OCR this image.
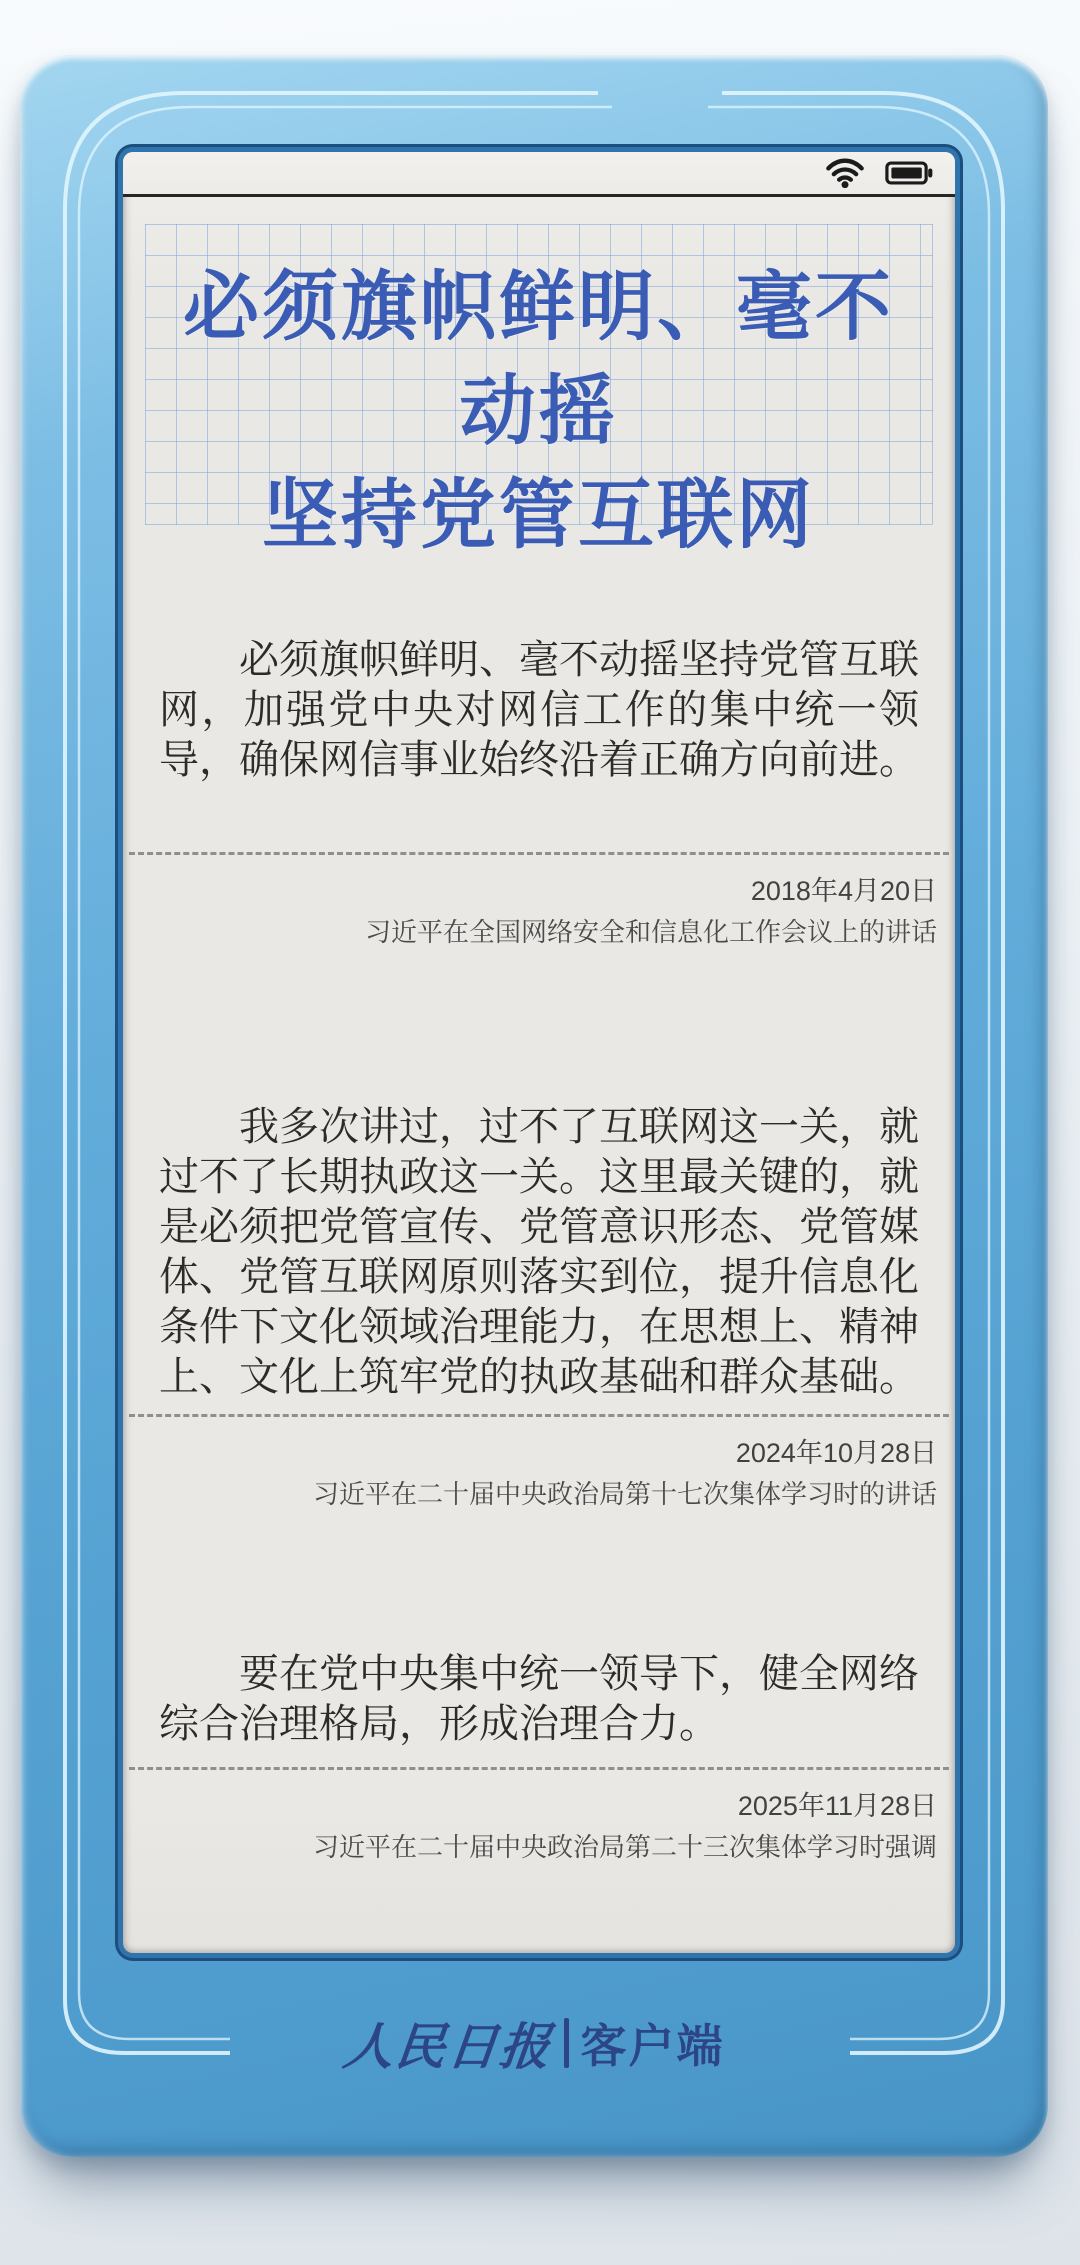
必须旗帜鲜明、毫不动摇
坚持党管互联网

必须旗帜鲜明、毫不动摇坚持党管互联网，加强党中央对网信工作的集中统一领导，确保网信事业始终沿着正确方向前进。

2018年4月20日
习近平在全国网络安全和信息化工作会议上的讲话

我多次讲过，过不了互联网这一关，就过不了长期执政这一关。这里最关键的，就是必须把党管宣传、党管意识形态、党管媒体、党管互联网原则落实到位，提升信息化条件下文化领域治理能力，在思想上、精神上、文化上筑牢党的执政基础和群众基础。

2024年10月28日
习近平在二十届中央政治局第十七次集体学习时的讲话

要在党中央集中统一领导下，健全网络综合治理格局，形成治理合力。

2025年11月28日
习近平在二十届中央政治局第二十三次集体学习时强调
人民日报 客户端
